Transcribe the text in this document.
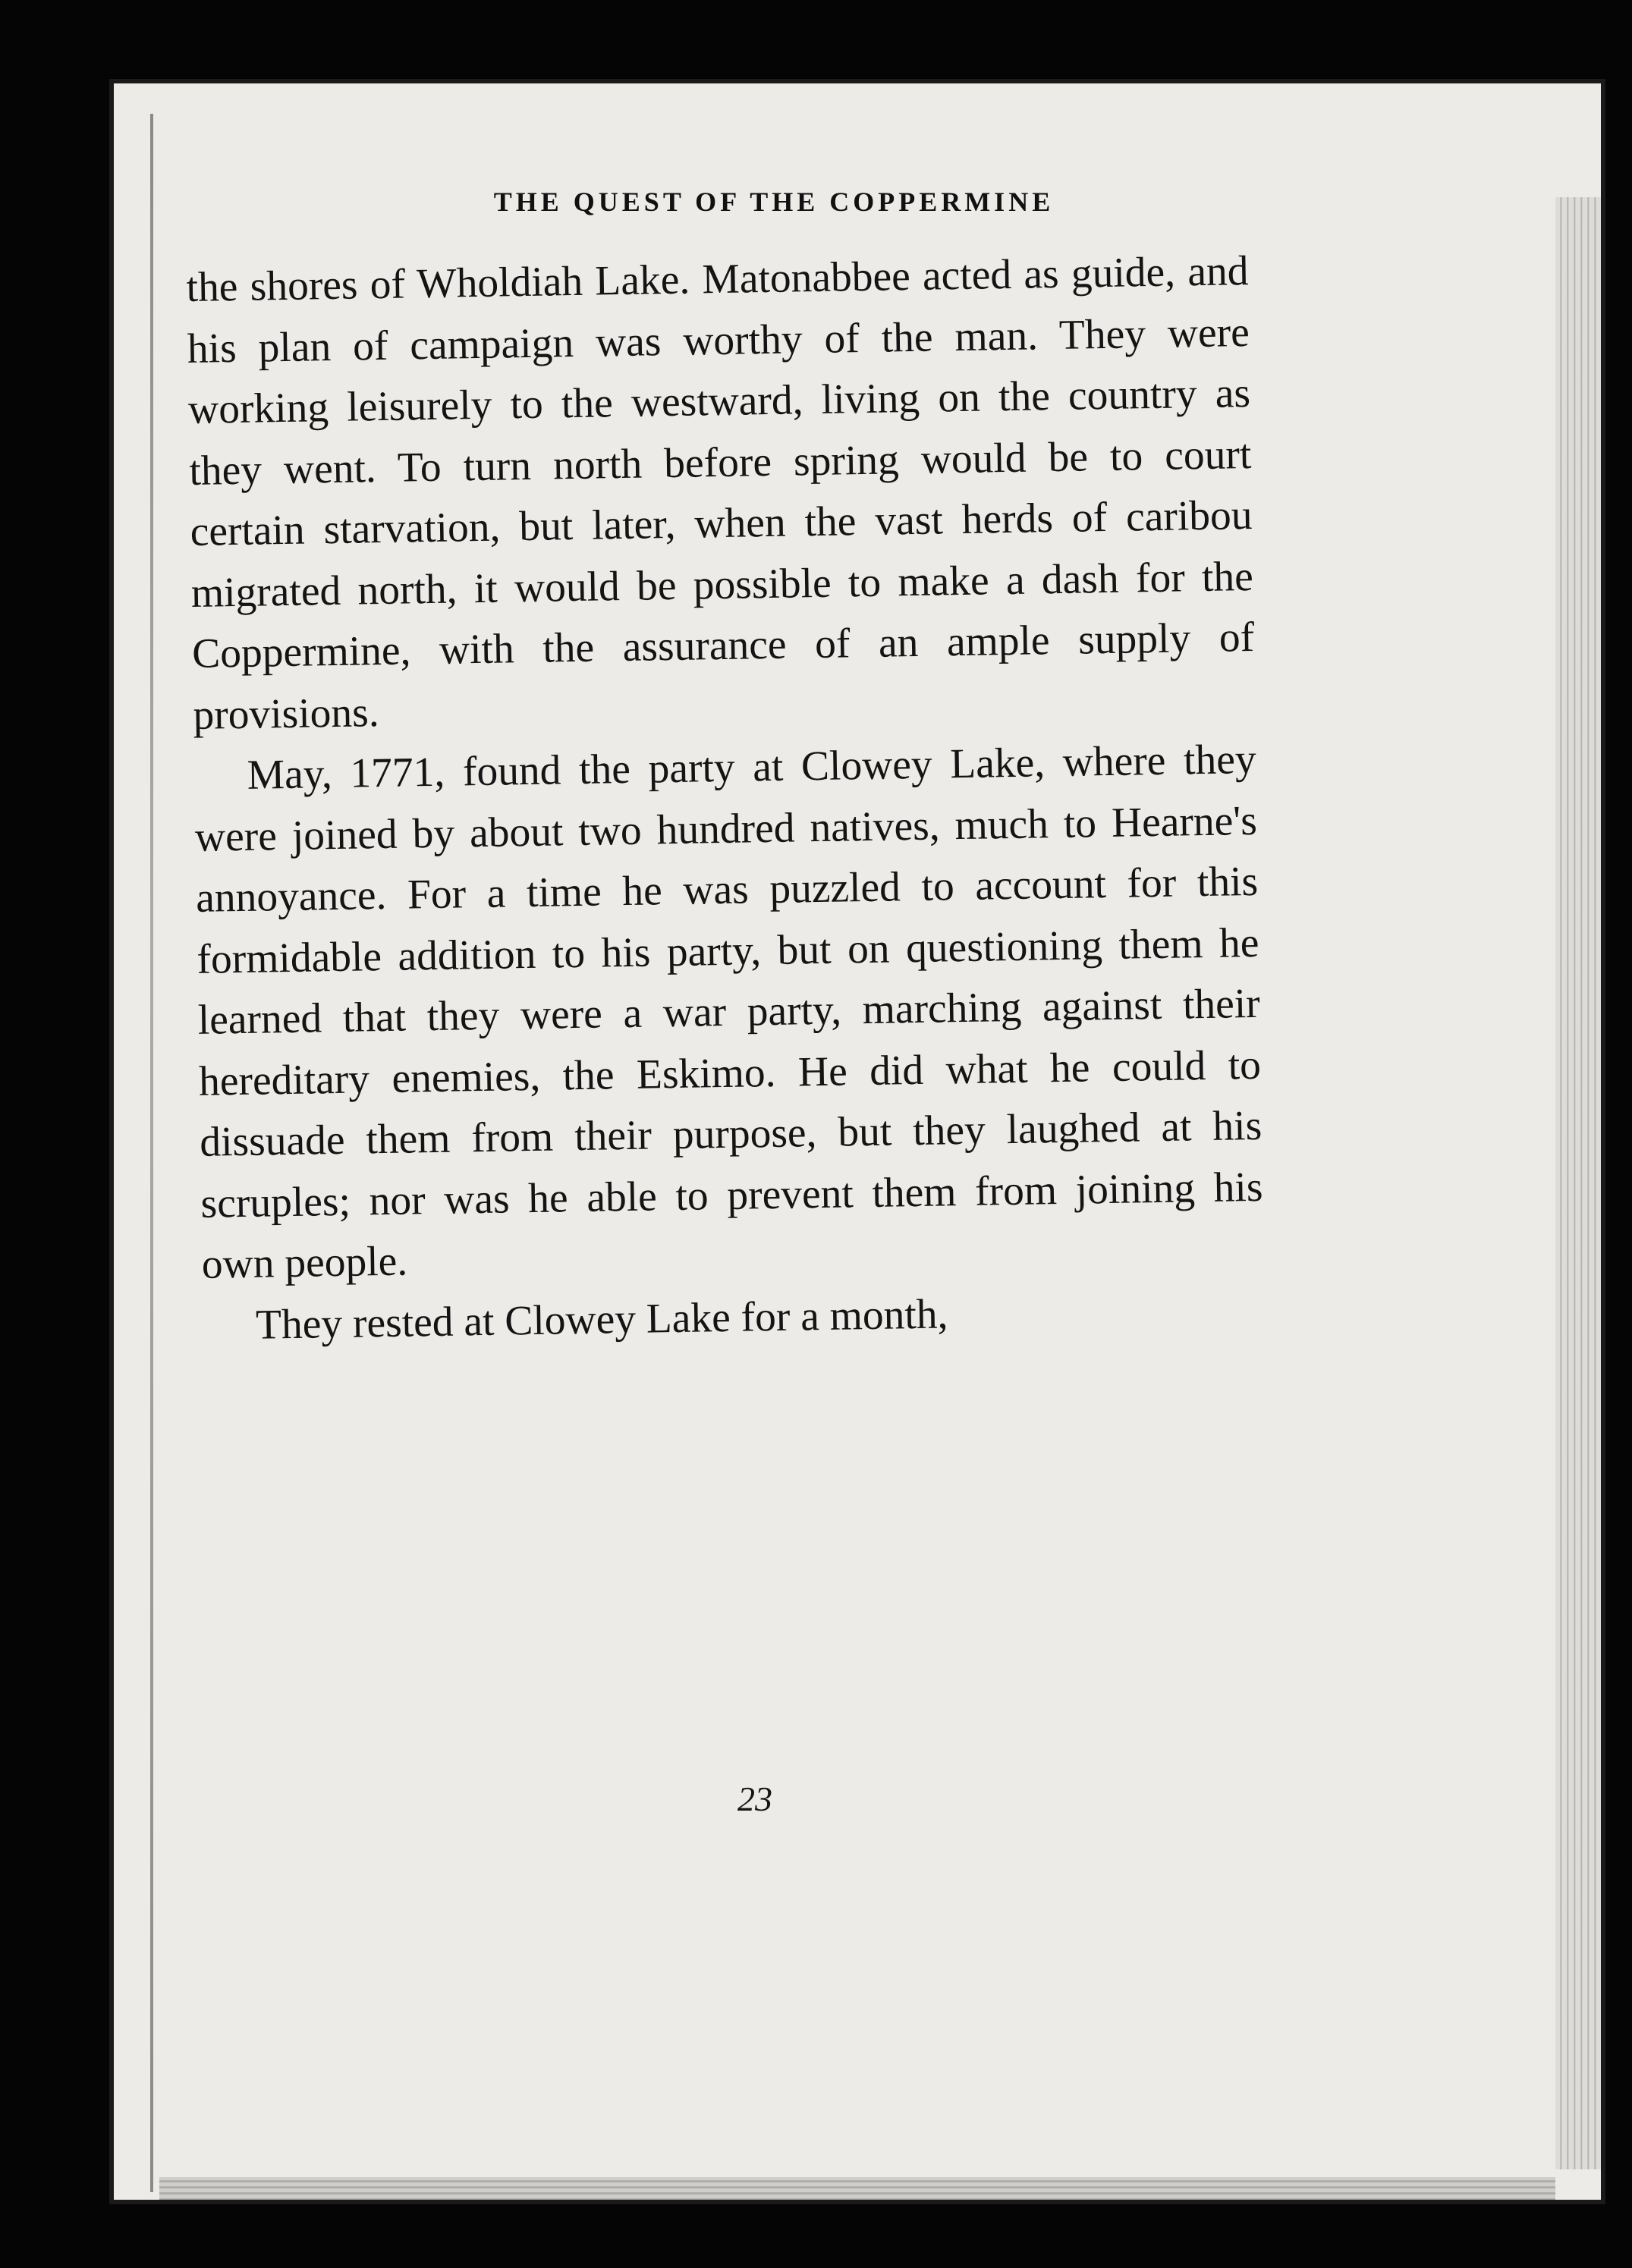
THE QUEST OF THE COPPERMINE

the shores of Wholdiah Lake. Matonabbee acted as guide, and his plan of campaign was worthy of the man. They were working leisurely to the westward, living on the country as they went. To turn north before spring would be to court certain starvation, but later, when the vast herds of caribou migrated north, it would be possible to make a dash for the Coppermine, with the assurance of an ample supply of provisions.

May, 1771, found the party at Clowey Lake, where they were joined by about two hundred natives, much to Hearne's annoyance. For a time he was puzzled to account for this formidable addition to his party, but on questioning them he learned that they were a war party, marching against their hereditary enemies, the Eskimo. He did what he could to dissuade them from their purpose, but they laughed at his scruples; nor was he able to prevent them from joining his own people.

They rested at Clowey Lake for a month,

23
